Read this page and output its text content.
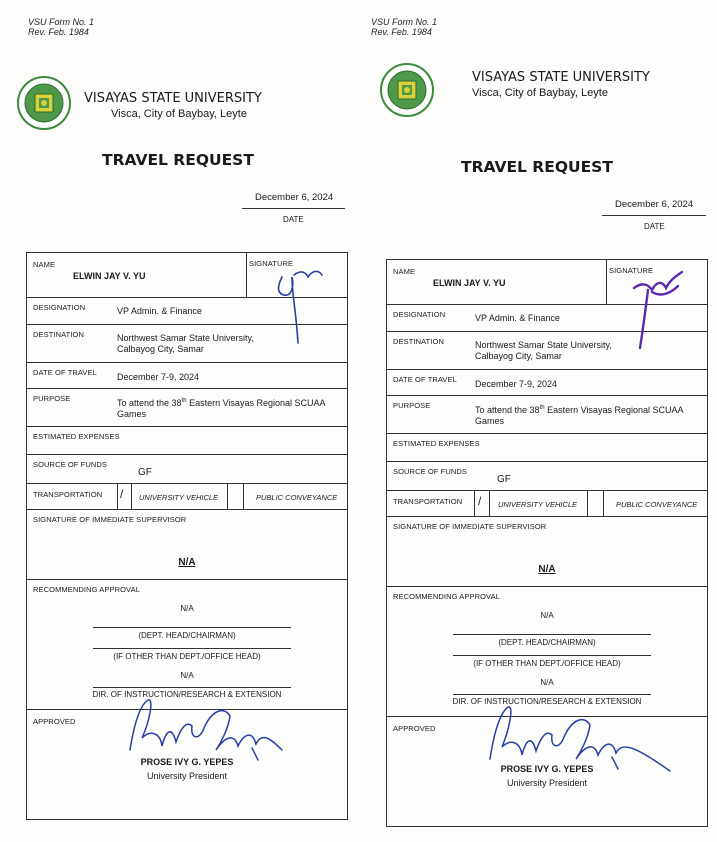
VSU Form No. 1
Rev. Feb. 1984
VISAYAS STATE UNIVERSITY
Visca, City of Baybay, Leyte
TRAVEL REQUEST
December 6, 2024
DATE
NAME
ELWIN JAY V. YU
SIGNATURE
DESIGNATION	VP Admin. & Finance
DESTINATION	Northwest Samar State University,
Calbayog City, Samar
DATE OF TRAVEL December 7-9, 2024
PURPOSE	To attend the 38th Eastern Visayas Regional SCUAA
Games
ESTIMATED EXPENSES
SOURCE OF FUNDS
GF
TRANSPORTATION / UNIVERSITY VEHICLE	PUBLIC CONVEYANCE
SIGNATURE OF IMMEDIATE SUPERVISOR
N/A
RECOMMENDING APPROVAL
N/A
(DEPT. HEAD/CHAIRMAN)
(IF OTHER THAN DEPT./OFFICE HEAD)
N/A
DIR. OF INSTRUCTION/RESEARCH & EXTENSION
APPROVED
PROSE IVY G. YEPES
University President
VSU Form No. 1
Rev. Feb. 1984
VISAYAS STATE UNIVERSITY
Visca, City of Baybay, Leyte
TRAVEL REQUEST
December 6, 2024
DATE
NAME
ELWIN JAY V. YU
SIGNATURE
DESIGNATION	VP Admin. & Finance
DESTINATION	Northwest Samar State University,
Calbayog City, Samar
DATE OF TRAVEL December 7-9, 2024
PURPOSE	To attend the 38th Eastern Visayas Regional SCUAA
Games
ESTIMATED EXPENSES
SOURCE OF FUNDS
GF
TRANSPORTATION / UNIVERSITY VEHICLE	PUBLIC CONVEYANCE
SIGNATURE OF IMMEDIATE SUPERVISOR
N/A
RECOMMENDING APPROVAL
N/A
(DEPT. HEAD/CHAIRMAN)
(IF OTHER THAN DEPT./OFFICE HEAD)
N/A
DIR. OF INSTRUCTION/RESEARCH & EXTENSION
APPROVED
PROSE IVY G. YEPES
University President
